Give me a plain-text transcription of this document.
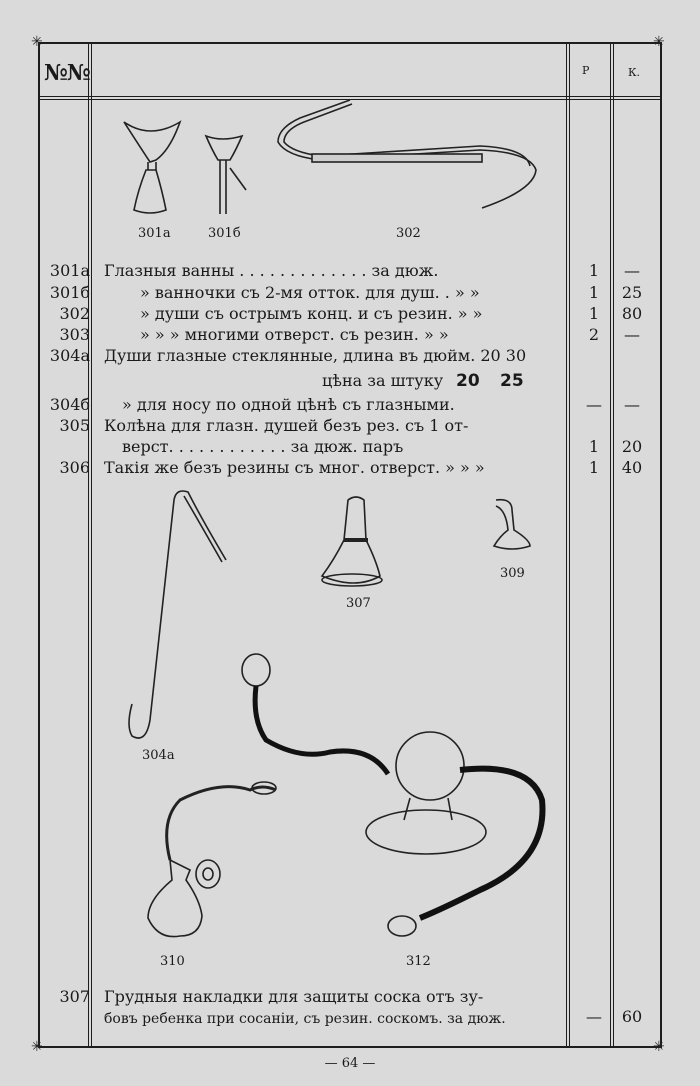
✳	✳
✳	✳
№№	Р	К.
301а	301б	302
307
309
304а
310	312
301а Глазныя ванны . . . . . . . . . . . . . за дюж.	1	—
301б	» ванночки съ 2-мя отток. для душ. . » »	1	25
302	» души съ острымъ конц. и съ резин. » »	1	80
303	» » » многими отверст. съ резин. » »	2	—
304а Души глазные стеклянные, длина въ дюйм. 20 30
цѣна за штуку 20 25
304б » для носу по одной цѣнѣ съ глазными.	—	—
305 Колѣна для глазн. душей безъ рез. съ 1 от-
верст. . . . . . . . . . . . за дюж. паръ	1	20
306 Такія же безъ резины съ мног. отверст. » » »	1	40
307 Грудныя накладки для защиты соска отъ зу-
бовъ ребенка при сосаніи, съ резин. соскомъ. за дюж.	—	60
— 64 —
